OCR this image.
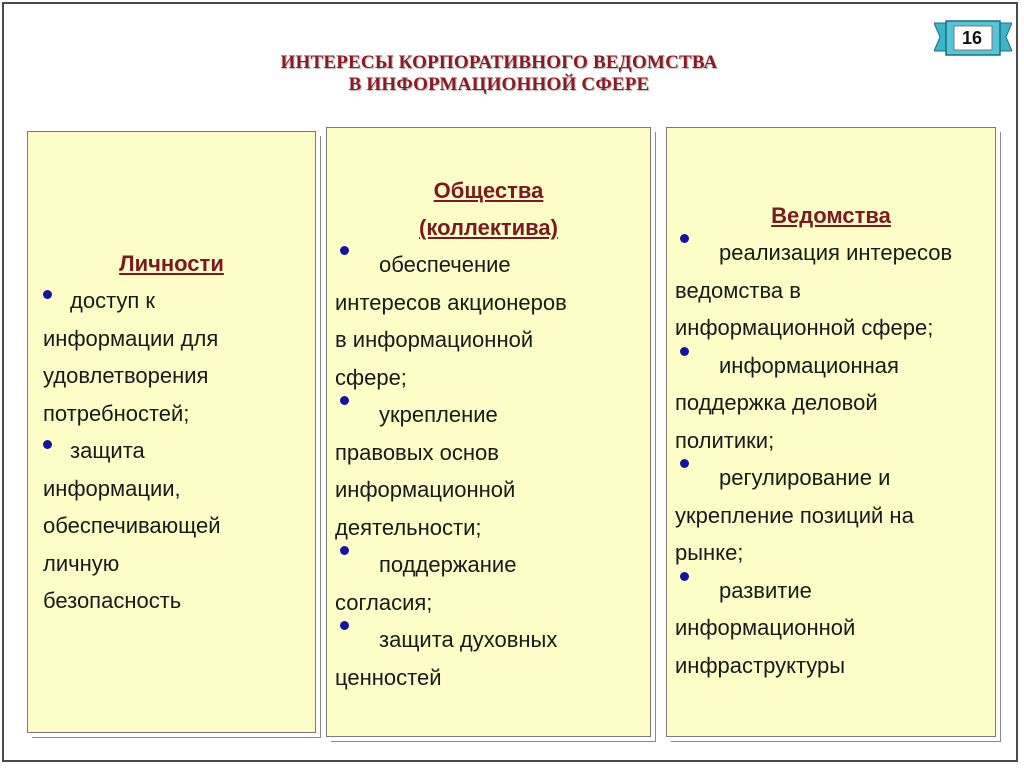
ИНТЕРЕСЫ КОРПОРАТИВНОГО ВЕДОМСТВА
В ИНФОРМАЦИОННОЙ СФЕРЕ
16
Личности
доступ к
информации для
удовлетворения
потребностей;
защита
информации,
обеспечивающей
личную
безопасность
Общества
(коллектива)
обеспечение
интересов акционеров
в информационной
сфере;
укрепление
правовых основ
информационной
деятельности;
поддержание
согласия;
защита духовных
ценностей
Ведомства
реализация интересов
ведомства в
информационной сфере;
информационная
поддержка деловой
политики;
регулирование и
укрепление позиций на
рынке;
развитие
информационной
инфраструктуры
